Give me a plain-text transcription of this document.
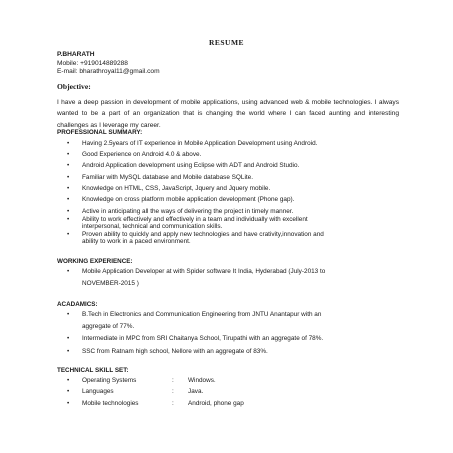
RESUME
P.BHARATH
Mobile: +919014889288
E-mail: bharathroyal11@gmail.com
Objective:
I have a deep passion in development of mobile applications, using advanced web & mobile technologies. I always wanted to be a part of an organization that is changing the world where I can faced aunting and interesting challenges as I leverage my career.
PROFESSIONAL SUMMARY:
• Having 2.5years of IT experience in Mobile Application Development using Android.
• Good Experience on Android 4.0 & above.
• Android Application development using Eclipse with ADT and Android Studio.
• Familiar with MySQL database and Mobile database SQLite.
• Knowledge on HTML, CSS, JavaScript, Jquery and Jquery mobile.
• Knowledge on cross platform mobile application development (Phone gap).
• Active in anticipating all the ways of delivering the project in timely manner.
• Ability to work effectively and effectively in a team and individually with excellent
interpersonal, technical and communication skills.
• Proven ability to quickly and apply new technologies and have crativity,innovation and
ability to work in a paced environment.
WORKING EXPERIENCE:
• Mobile Application Developer at with Spider software It India, Hyderabad (July-2013 to
NOVEMBER-2015 )
ACADAMICS:
• B.Tech in Electronics and Communication Engineering from JNTU Anantapur with an
aggregate of 77%.
• Intermediate in MPC from SRI Chaitanya School, Tirupathi with an aggregate of 78%.
• SSC from Ratnam high school, Nellore with an aggregate of 83%.
TECHNICAL SKILL SET:
• Operating Systems	: Windows.
• Languages	: Java.
• Mobile technologies	: Android, phone gap
